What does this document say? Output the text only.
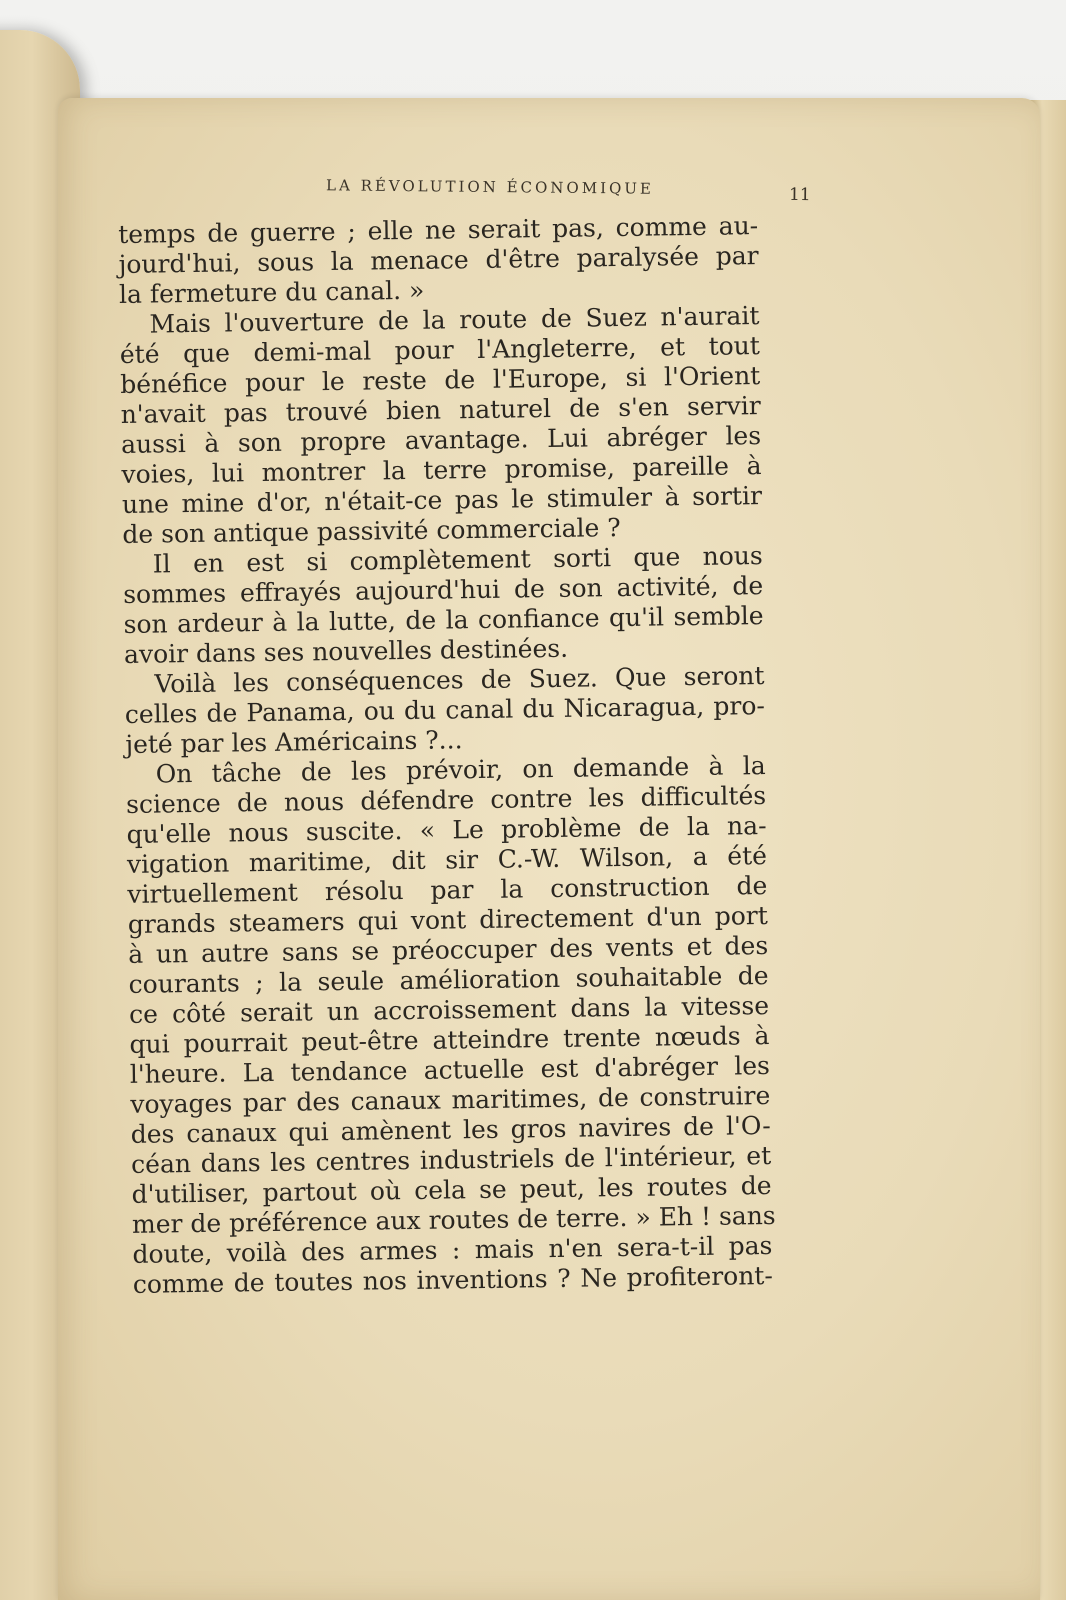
LA RÉVOLUTION ÉCONOMIQUE	11
temps de guerre ; elle ne serait pas, comme au-
jourd'hui, sous la menace d'être paralysée par
la fermeture du canal. »
Mais l'ouverture de la route de Suez n'aurait
été que demi-mal pour l'Angleterre, et tout
bénéfice pour le reste de l'Europe, si l'Orient
n'avait pas trouvé bien naturel de s'en servir
aussi à son propre avantage. Lui abréger les
voies, lui montrer la terre promise, pareille à
une mine d'or, n'était-ce pas le stimuler à sortir
de son antique passivité commerciale ?
Il en est si complètement sorti que nous
sommes effrayés aujourd'hui de son activité, de
son ardeur à la lutte, de la confiance qu'il semble
avoir dans ses nouvelles destinées.
Voilà les conséquences de Suez. Que seront
celles de Panama, ou du canal du Nicaragua, pro-
jeté par les Américains ?...
On tâche de les prévoir, on demande à la
science de nous défendre contre les difficultés
qu'elle nous suscite. « Le problème de la na-
vigation maritime, dit sir C.-W. Wilson, a été
virtuellement résolu par la construction de
grands steamers qui vont directement d'un port
à un autre sans se préoccuper des vents et des
courants ; la seule amélioration souhaitable de
ce côté serait un accroissement dans la vitesse
qui pourrait peut-être atteindre trente nœuds à
l'heure. La tendance actuelle est d'abréger les
voyages par des canaux maritimes, de construire
des canaux qui amènent les gros navires de l'O-
céan dans les centres industriels de l'intérieur, et
d'utiliser, partout où cela se peut, les routes de
mer de préférence aux routes de terre. » Eh ! sans
doute, voilà des armes : mais n'en sera-t-il pas
comme de toutes nos inventions ? Ne profiteront-
